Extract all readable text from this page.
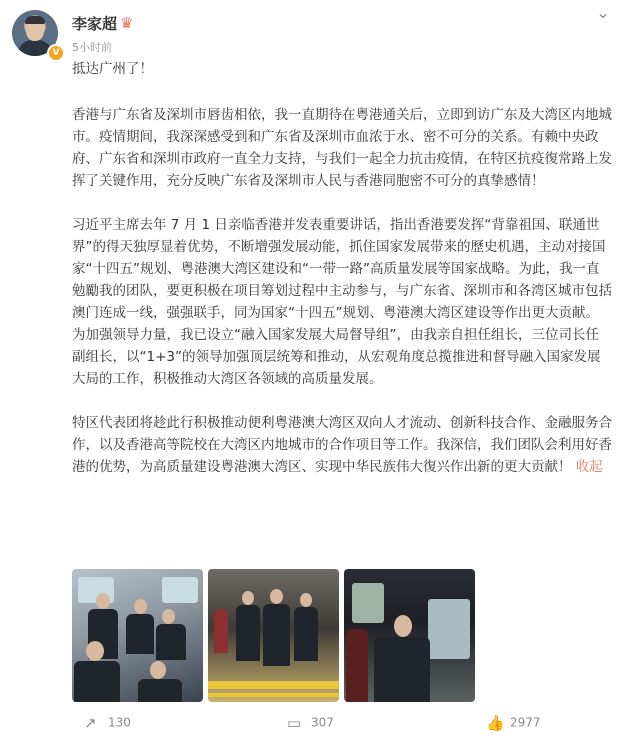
V
李家超 ♛
5小时前
⌄

抵达广州了！

香港与广东省及深圳市唇齿相依，我一直期待在粤港通关后，立即到访广东及大湾区内地城市。疫情期间，我深深感受到和广东省及深圳市血浓于水、密不可分的关系。有赖中央政府、广东省和深圳市政府一直全力支持，与我们一起全力抗击疫情，在特区抗疫復常路上发挥了关键作用，充分反映广东省及深圳市人民与香港同胞密不可分的真挚感情！

习近平主席去年 7 月 1 日亲临香港并发表重要讲话，指出香港要发挥“背靠祖国、联通世界”的得天独厚显着优势，不断增强发展动能，抓住国家发展带来的歷史机遇，主动对接国家“十四五”规划、粤港澳大湾区建设和“一带一路”高质量发展等国家战略。为此，我一直勉勵我的团队，要更积极在项目筹划过程中主动参与，与广东省、深圳市和各湾区城市包括澳门连成一线，强强联手，同为国家“十四五”规划、粤港澳大湾区建设等作出更大贡献。为加强领导力量，我已设立“融入国家发展大局督导组”，由我亲自担任组长，三位司长任副组长，以“1+3”的领导加强顶层统筹和推动，从宏观角度总揽推进和督导融入国家发展大局的工作，积极推动大湾区各领域的高质量发展。

特区代表团将趁此行积极推动便利粤港澳大湾区双向人才流动、创新科技合作、金融服务合作，以及香港高等院校在大湾区内地城市的合作项目等工作。我深信，我们团队会利用好香港的优势，为高质量建设粤港澳大湾区、实现中华民族伟大復兴作出新的更大贡献！ 收起

↗ 130	▭ 307	👍 2977
